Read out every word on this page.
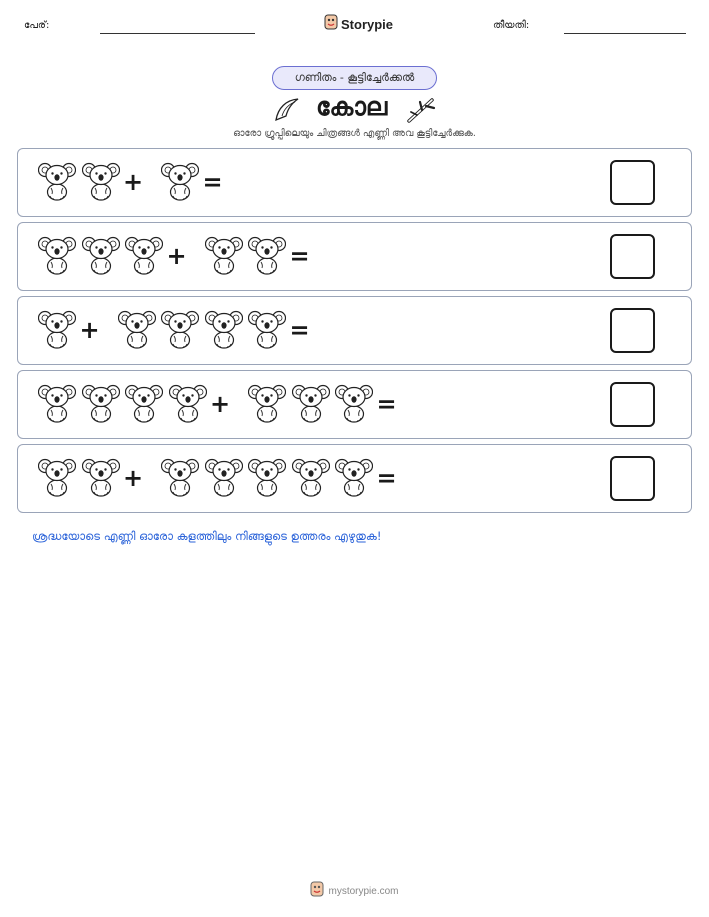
പേര്:	Storypie	തീയതി:
ഗണിതം - കൂട്ടിച്ചേർക്കൽ
കോല
ഓരോ ഗ്രൂപ്പിലെയും ചിത്രങ്ങൾ എണ്ണി അവ കൂട്ടിച്ചേർക്കുക.
+ =
+	=
+	=
+	=
+	=
ശ്രദ്ധയോടെ എണ്ണി ഓരോ കളത്തിലും നിങ്ങളുടെ ഉത്തരം എഴുതുക!
mystorypie.com
